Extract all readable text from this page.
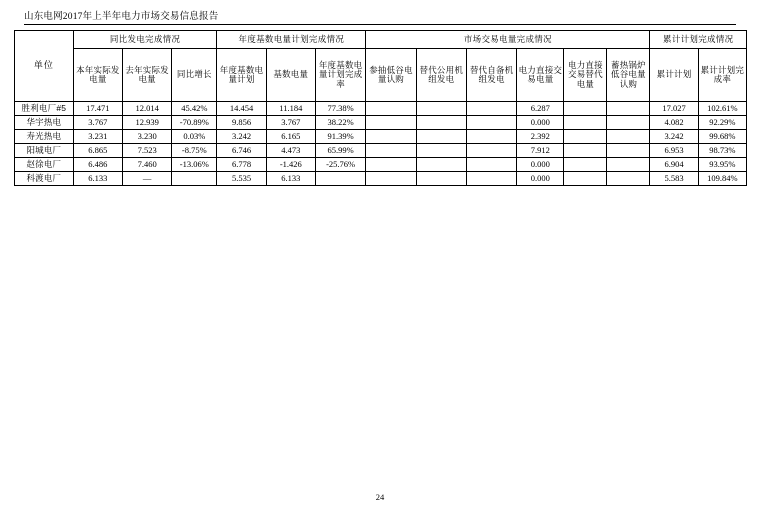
山东电网2017年上半年电力市场交易信息报告
单位	同比发电完成情况			年度基数电量计划完成情况			市场交易电量完成情况						累计计划完成情况	

	本年实际发电量	去年实际发电量	同比增长	年度基数电量计划	基数电量	年度基数电量计划完成率	参抽低谷电量认购	替代公用机组发电	替代自备机组发电	电力直接交易电量	电力直接交易替代电量	蓄热锅炉低谷电量认购	累计计划	累计计划完成率

胜利电厂#5	17.471	12.014	45.42%	14.454	11.184	77.38%				6.287			17.027	102.61%
华宇热电	3.767	12.939	-70.89%	9.856	3.767	38.22%				0.000			4.082	92.29%
寿光热电	3.231	3.230	0.03%	3.242	6.165	91.39%				2.392			3.242	99.68%
阳城电厂	6.865	7.523	-8.75%	6.746	4.473	65.99%				7.912			6.953	98.73%
赵徐电厂	6.486	7.460	-13.06%	6.778	-1.426	-25.76%				0.000			6.904	93.95%
科渡电厂	6.133	—		5.535	6.133					0.000			5.583	109.84%
24
